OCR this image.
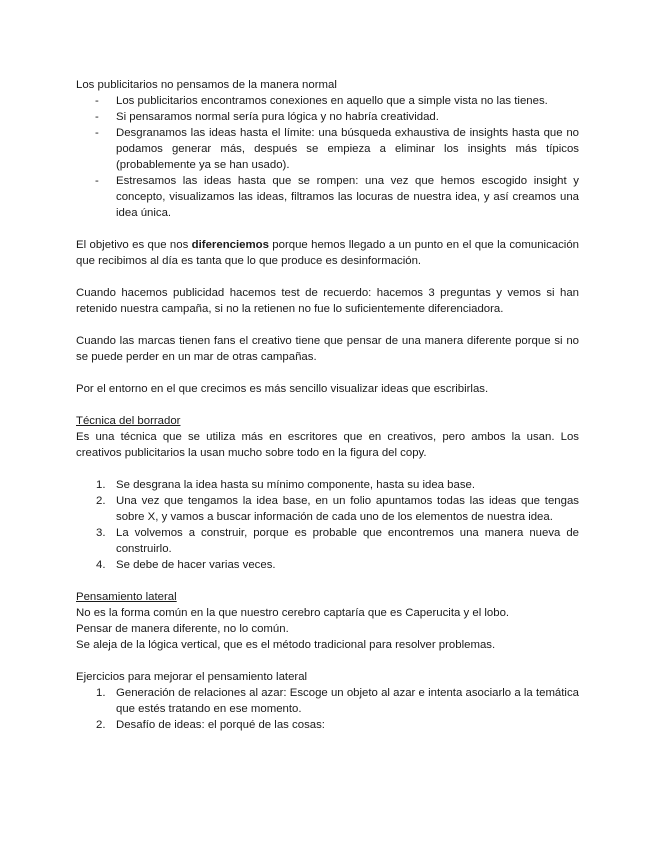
Los publicitarios no pensamos de la manera normal

- Los publicitarios encontramos conexiones en aquello que a simple vista no las tienes.
- Si pensaramos normal sería pura lógica y no habría creatividad.
- Desgranamos las ideas hasta el límite: una búsqueda exhaustiva de insights hasta que no podamos generar más, después se empieza a eliminar los insights más típicos (probablemente ya se han usado).
- Estresamos las ideas hasta que se rompen: una vez que hemos escogido insight y concepto, visualizamos las ideas, filtramos las locuras de nuestra idea, y así creamos una idea única.

El objetivo es que nos diferenciemos porque hemos llegado a un punto en el que la comunicación que recibimos al día es tanta que lo que produce es desinformación.

Cuando hacemos publicidad hacemos test de recuerdo: hacemos 3 preguntas y vemos si han retenido nuestra campaña, si no la retienen no fue lo suficientemente diferenciadora.

Cuando las marcas tienen fans el creativo tiene que pensar de una manera diferente porque si no se puede perder en un mar de otras campañas.

Por el entorno en el que crecimos es más sencillo visualizar ideas que escribirlas.

Técnica del borrador

Es una técnica que se utiliza más en escritores que en creativos, pero ambos la usan. Los creativos publicitarios la usan mucho sobre todo en la figura del copy.

1. Se desgrana la idea hasta su mínimo componente, hasta su idea base.
2. Una vez que tengamos la idea base, en un folio apuntamos todas las ideas que tengas sobre X, y vamos a buscar información de cada uno de los elementos de nuestra idea.
3. La volvemos a construir, porque es probable que encontremos una manera nueva de construirlo.
4. Se debe de hacer varias veces.

Pensamiento lateral

No es la forma común en la que nuestro cerebro captaría que es Caperucita y el lobo.

Pensar de manera diferente, no lo común.

Se aleja de la lógica vertical, que es el método tradicional para resolver problemas.

Ejercicios para mejorar el pensamiento lateral

1. Generación de relaciones al azar: Escoge un objeto al azar e intenta asociarlo a la temática que estés tratando en ese momento.
2. Desafío de ideas: el porqué de las cosas:
